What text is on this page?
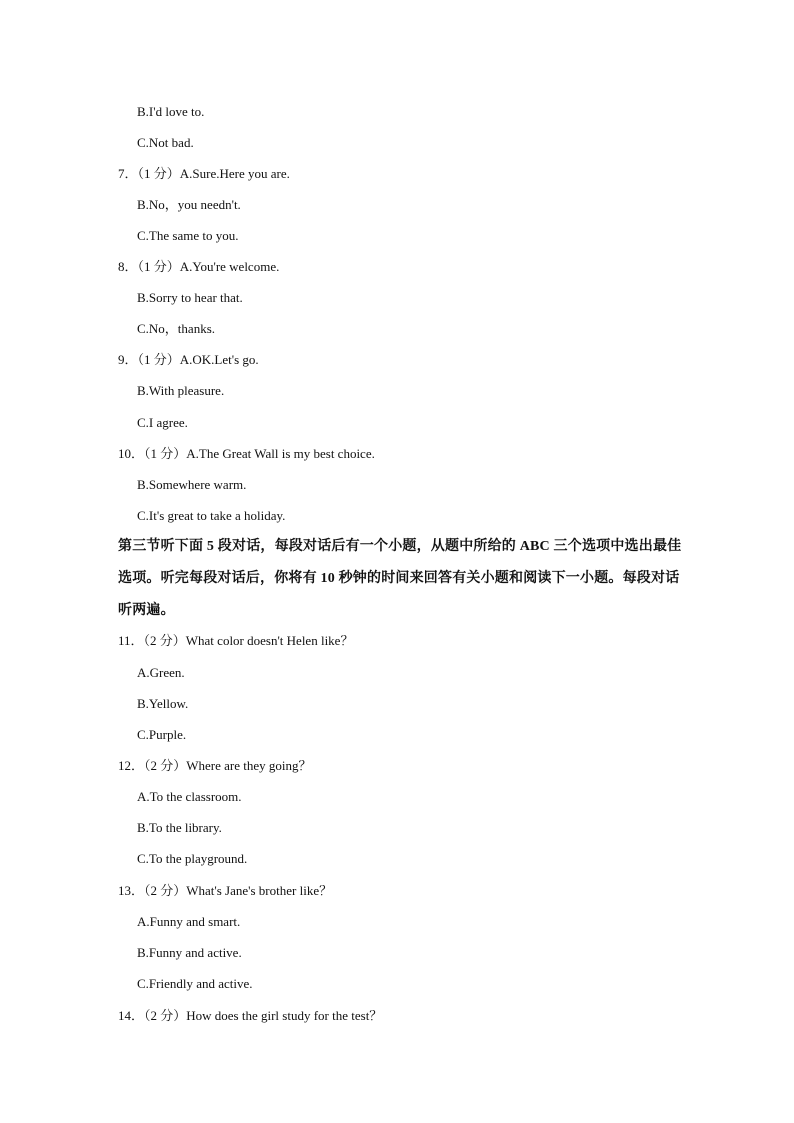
B.I'd love to.
C.Not bad.
7．（1 分）A.Sure.Here you are.
B.No，you needn't.
C.The same to you.
8．（1 分）A.You're welcome.
B.Sorry to hear that.
C.No，thanks.
9．（1 分）A.OK.Let's go.
B.With pleasure.
C.I agree.
10．（1 分）A.The Great Wall is my best choice.
B.Somewhere warm.
C.It's great to take a holiday.
第三节听下面 5 段对话，每段对话后有一个小题，从题中所给的 ABC 三个选项中选出最佳
选项。听完每段对话后，你将有 10 秒钟的时间来回答有关小题和阅读下一小题。每段对话
听两遍。
11．（2 分）What color doesn't Helen like？
A.Green.
B.Yellow.
C.Purple.
12．（2 分）Where are they going？
A.To the classroom.
B.To the library.
C.To the playground.
13．（2 分）What's Jane's brother like？
A.Funny and smart.
B.Funny and active.
C.Friendly and active.
14．（2 分）How does the girl study for the test？
